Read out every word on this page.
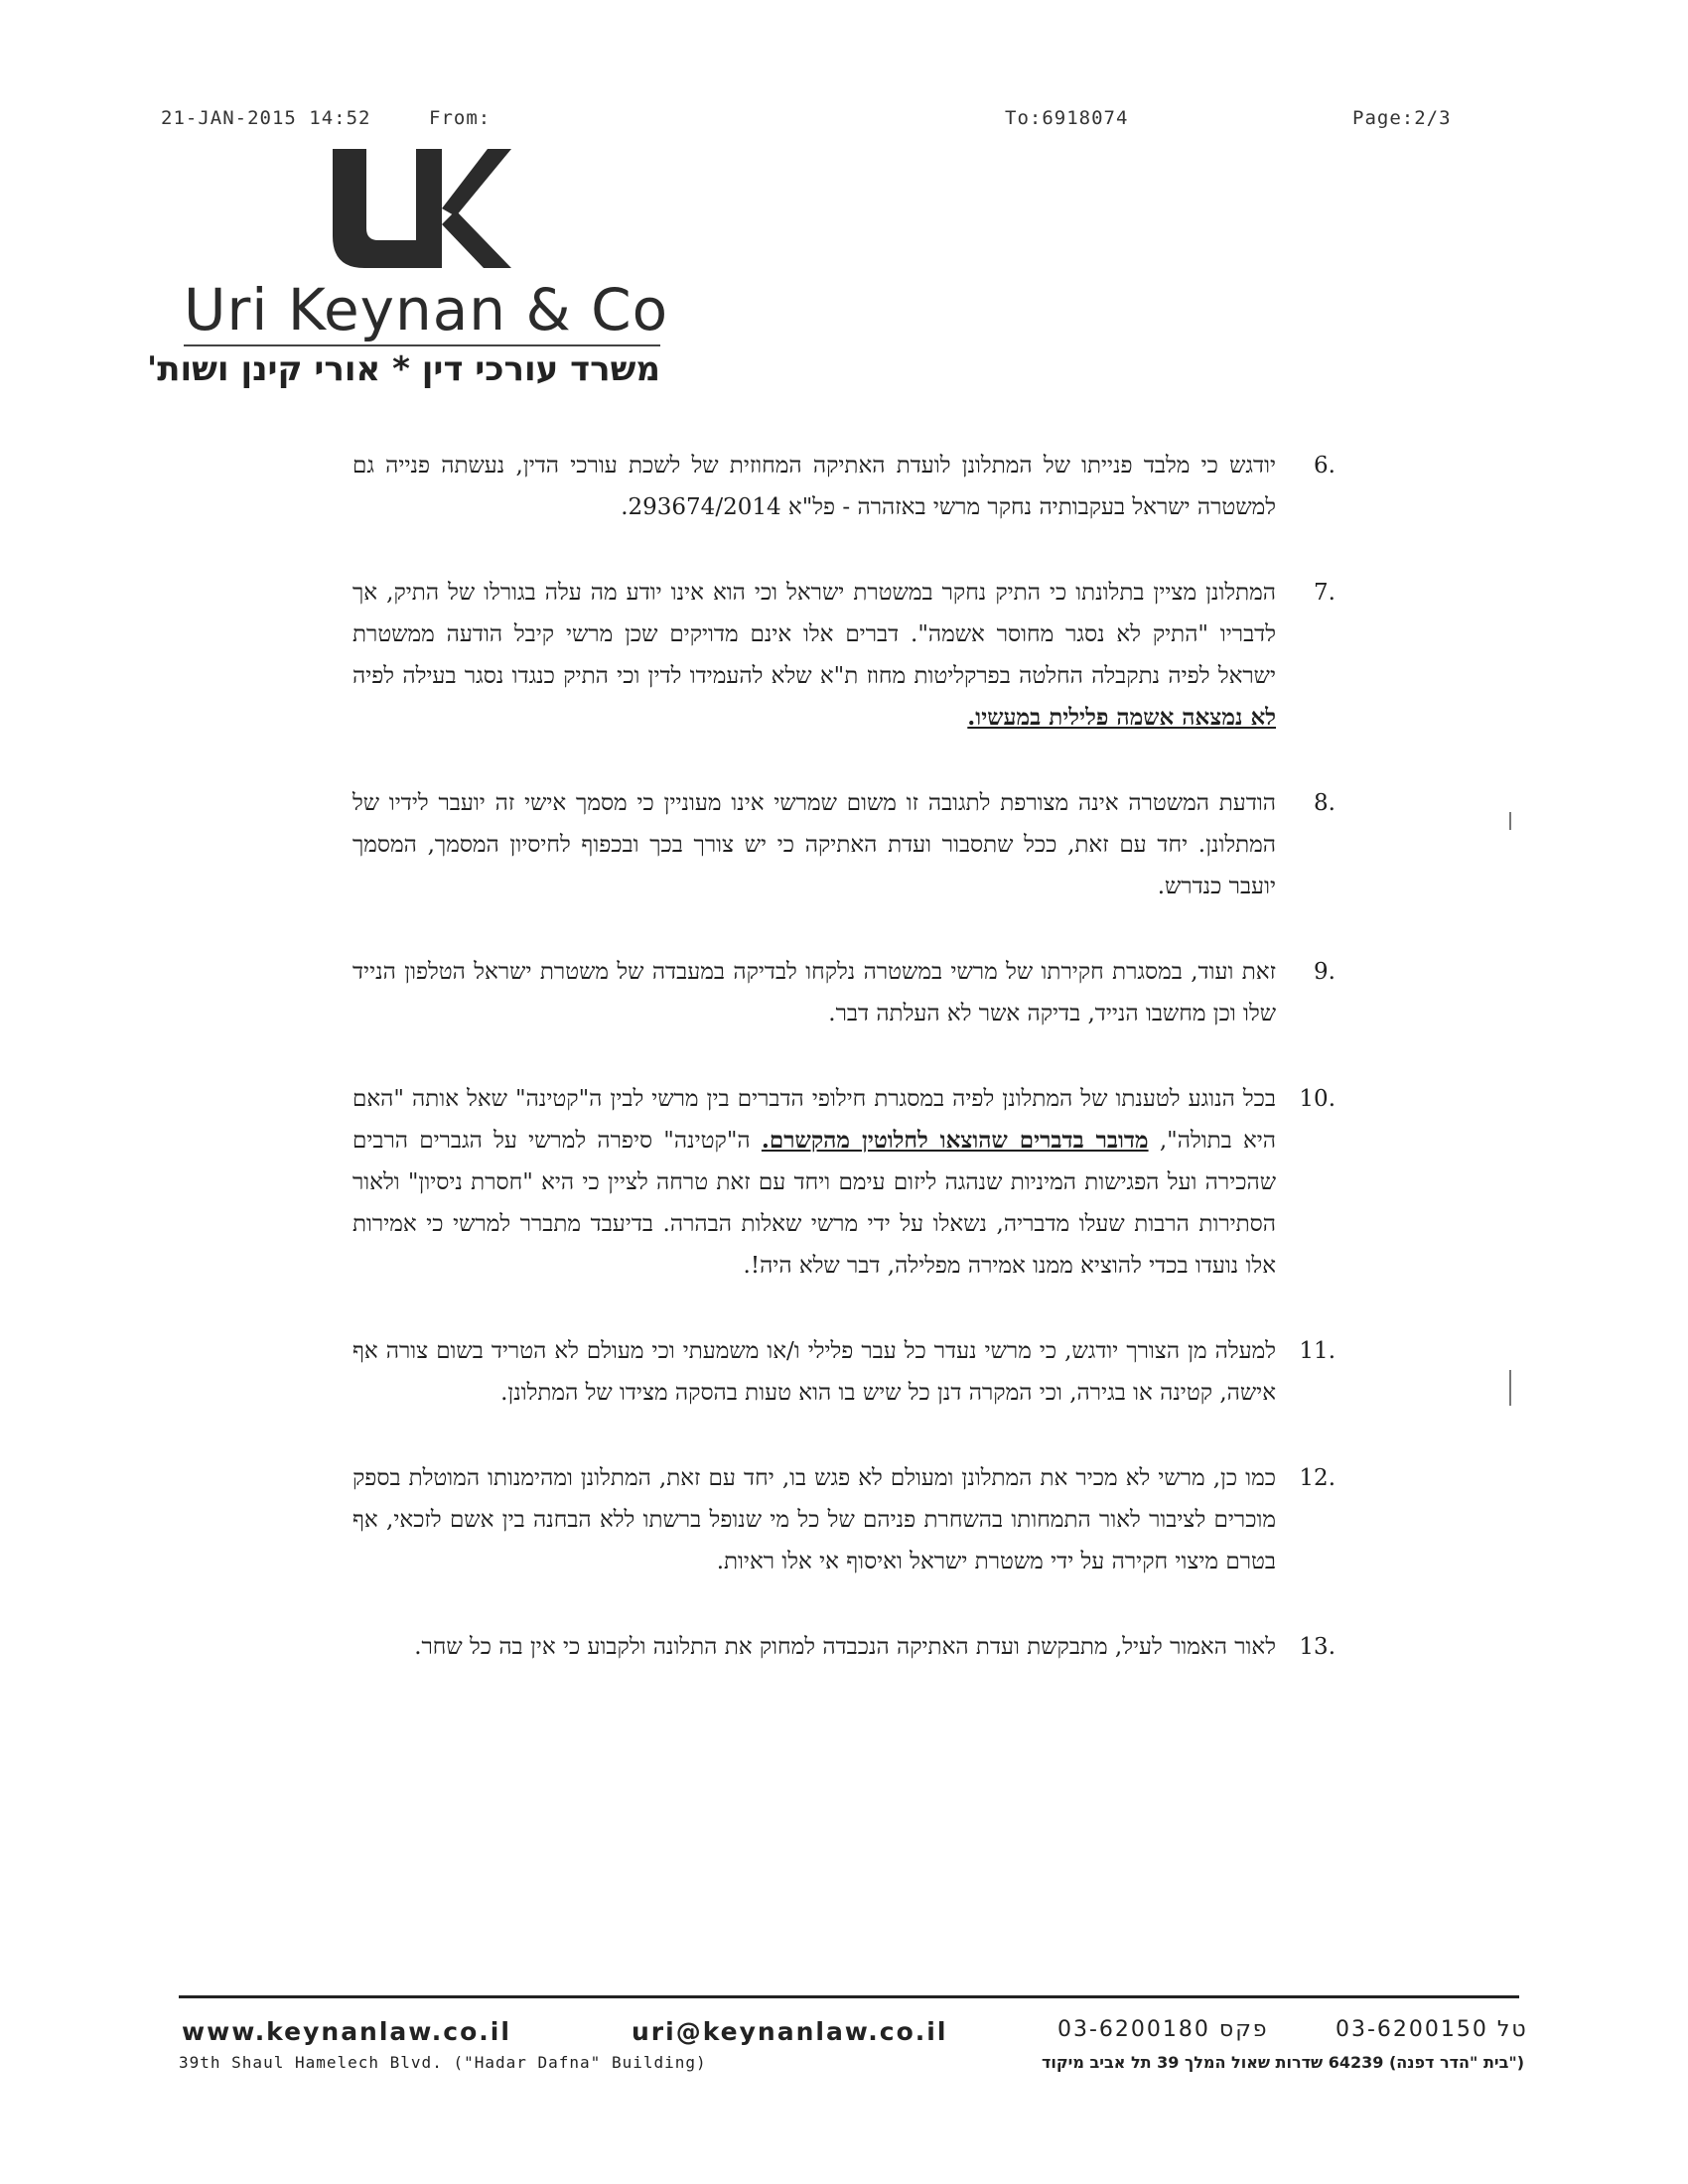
21-JAN-2015 14:52	From:	To:6918074	Page:2/3
Uri Keynan & Co
משרד עורכי דין * אורי קינן ושות'
6.
יודגש כי מלבד פנייתו של המתלונן לועדת האתיקה המחוזית של לשכת עורכי הדין, נעשתה פנייה גם למשטרה ישראל בעקבותיה נחקר מרשי באזהרה - פל"א 293674/2014.
7.
המתלונן מציין בתלונתו כי התיק נחקר במשטרת ישראל וכי הוא אינו יודע מה עלה בגורלו של התיק, אך לדבריו "התיק לא נסגר מחוסר אשמה". דברים אלו אינם מדויקים שכן מרשי קיבל הודעה ממשטרת ישראל לפיה נתקבלה החלטה בפרקליטות מחוז ת"א שלא להעמידו לדין וכי התיק כנגדו נסגר בעילה לפיה לא נמצאה אשמה פלילית במעשיו.
8.
הודעת המשטרה אינה מצורפת לתגובה זו משום שמרשי אינו מעוניין כי מסמך אישי זה יועבר לידיו של המתלונן. יחד עם זאת, ככל שתסבור ועדת האתיקה כי יש צורך בכך ובכפוף לחיסיון המסמך, המסמך יועבר כנדרש.
9.
זאת ועוד, במסגרת חקירתו של מרשי במשטרה נלקחו לבדיקה במעבדה של משטרת ישראל הטלפון הנייד שלו וכן מחשבו הנייד, בדיקה אשר לא העלתה דבר.
10.
בכל הנוגע לטענתו של המתלונן לפיה במסגרת חילופי הדברים בין מרשי לבין ה"קטינה" שאל אותה "האם היא בתולה", מדובר בדברים שהוצאו לחלוטין מהקשרם. ה"קטינה" סיפרה למרשי על הגברים הרבים שהכירה ועל הפגישות המיניות שנהגה ליזום עימם ויחד עם זאת טרחה לציין כי היא "חסרת ניסיון" ולאור הסתירות הרבות שעלו מדבריה, נשאלו על ידי מרשי שאלות הבהרה. בדיעבד מתברר למרשי כי אמירות אלו נועדו בכדי להוציא ממנו אמירה מפלילה, דבר שלא היה!.
11.
למעלה מן הצורך יודגש, כי מרשי נעדר כל עבר פלילי ו/או משמעתי וכי מעולם לא הטריד בשום צורה אף אישה, קטינה או בגירה, וכי המקרה דנן כל שיש בו הוא טעות בהסקה מצידו של המתלונן.
12.
כמו כן, מרשי לא מכיר את המתלונן ומעולם לא פגש בו, יחד עם זאת, המתלונן ומהימנותו המוטלת בספק מוכרים לציבור לאור התמחותו בהשחרת פניהם של כל מי שנופל ברשתו ללא הבחנה בין אשם לזכאי, אף בטרם מיצוי חקירה על ידי משטרת ישראל ואיסוף אי אלו ראיות.
13.
לאור האמור לעיל, מתבקשת ועדת האתיקה הנכבדה למחוק את התלונה ולקבוע כי אין בה כל שחר.
www.keynanlaw.co.il	uri@keynanlaw.co.il	פקס 03-6200180	טל 03-6200150
39th Shaul Hamelech Blvd. ("Hadar Dafna" Building)	("בית "הדר דפנה) 64239 שדרות שאול המלך 39 תל אביב מיקוד
